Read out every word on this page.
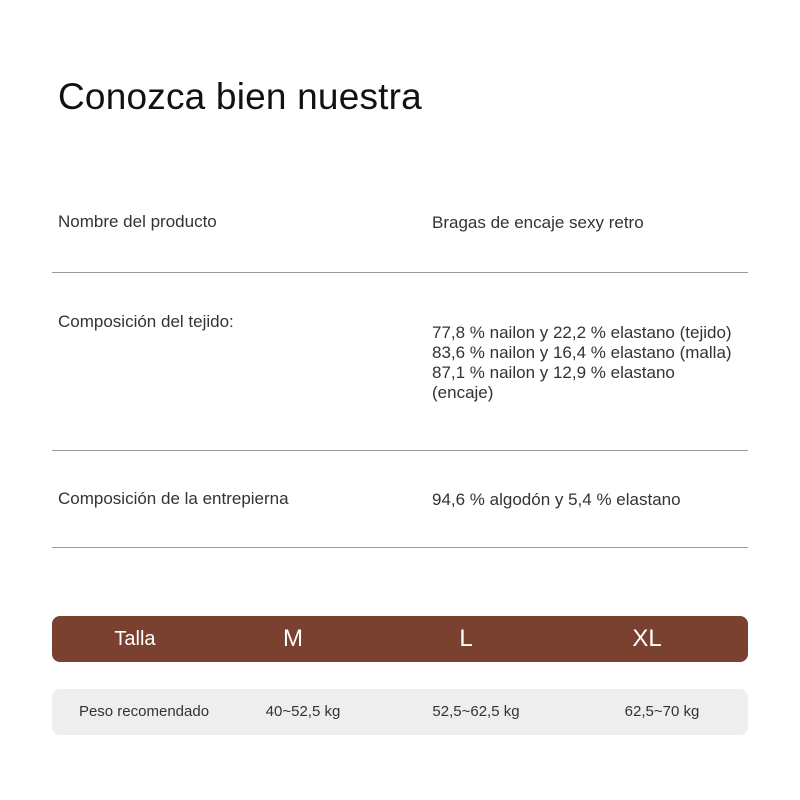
Conozca bien nuestra
Nombre del producto	Bragas de encaje sexy retro
Composición del tejido:
77,8 % nailon y 22,2 % elastano (tejido) 83,6 % nailon y 16,4 % elastano (malla) 87,1 % nailon y 12,9 % elastano (encaje)
Composición de la entrepierna	94,6 % algodón y 5,4 % elastano
Talla	M	L	XL
Peso recomendado	40~52,5 kg	52,5~62,5 kg	62,5~70 kg
